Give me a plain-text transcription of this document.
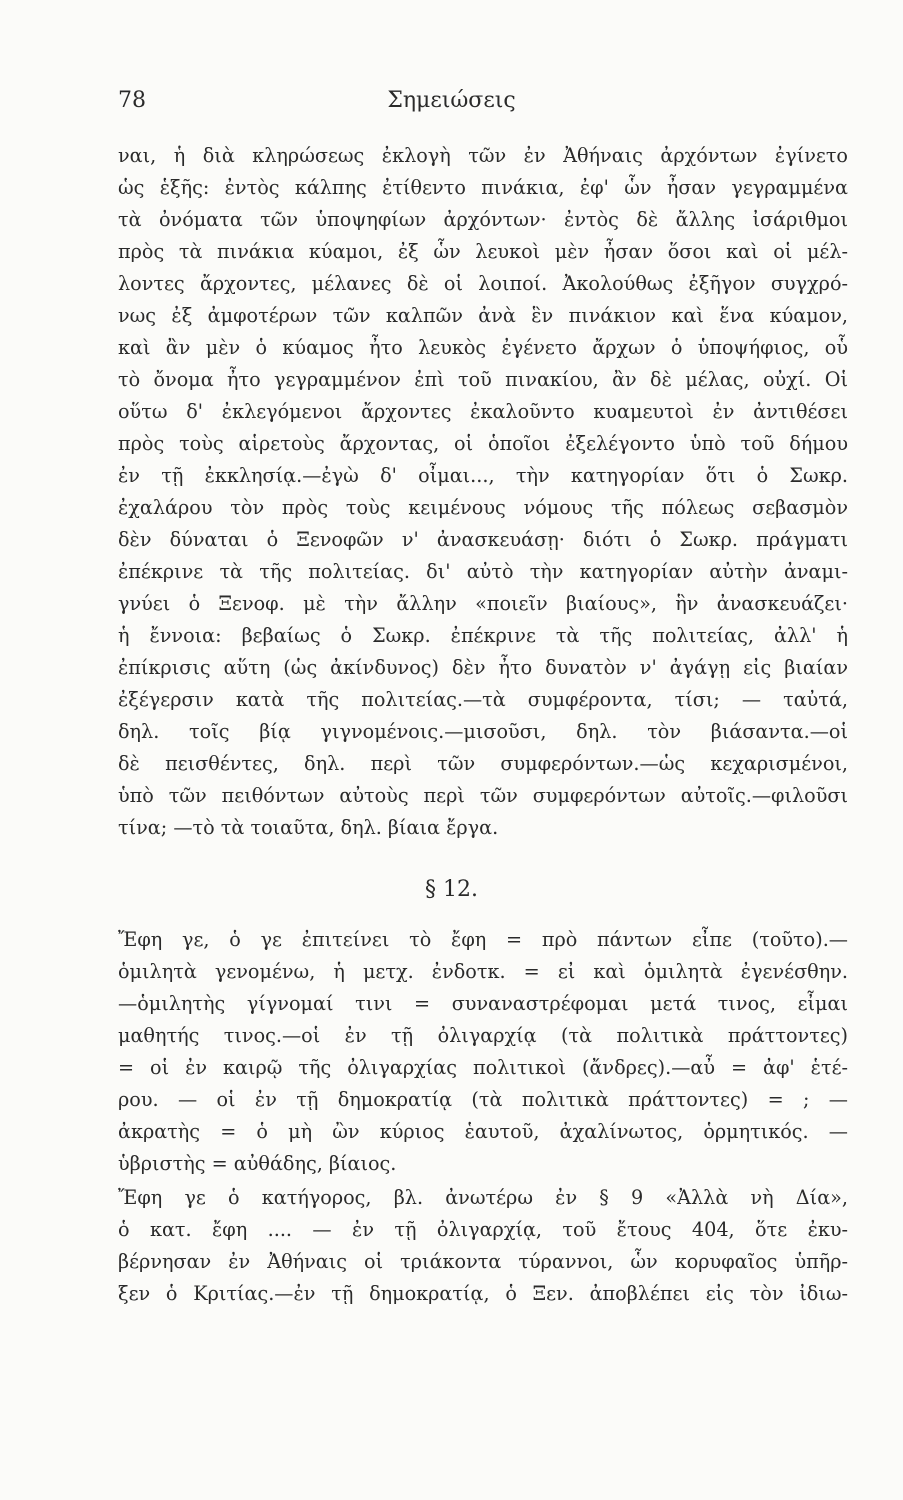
78	Σημειώσεις
ναι, ἡ διὰ κληρώσεως ἐκλογὴ τῶν ἐν Ἀθήναις ἀρχόντων ἐγίνετο
ὡς ἑξῆς: ἐντὸς κάλπης ἐτίθεντο πινάκια, ἐφ' ὧν ἦσαν γεγραμμένα
τὰ ὀνόματα τῶν ὑποψηφίων ἀρχόντων· ἐντὸς δὲ ἄλλης ἰσάριθμοι
πρὸς τὰ πινάκια κύαμοι, ἐξ ὧν λευκοὶ μὲν ἦσαν ὅσοι καὶ οἱ μέλ-
λοντες ἄρχοντες, μέλανες δὲ οἱ λοιποί. Ἀκολούθως ἐξῆγον συγχρό-
νως ἐξ ἀμφοτέρων τῶν καλπῶν ἀνὰ ἓν πινάκιον καὶ ἕνα κύαμον,
καὶ ἂν μὲν ὁ κύαμος ἦτο λευκὸς ἐγένετο ἄρχων ὁ ὑποψήφιος, οὗ
τὸ ὄνομα ἦτο γεγραμμένον ἐπὶ τοῦ πινακίου, ἂν δὲ μέλας, οὐχί. Οἱ
οὕτω δ' ἐκλεγόμενοι ἄρχοντες ἐκαλοῦντο κυαμευτοὶ ἐν ἀντιθέσει
πρὸς τοὺς αἱρετοὺς ἄρχοντας, οἱ ὁποῖοι ἐξελέγοντο ὑπὸ τοῦ δήμου
ἐν τῇ ἐκκλησίᾳ.—ἐγὼ δ' οἶμαι..., τὴν κατηγορίαν ὅτι ὁ Σωκρ.
ἐχαλάρου τὸν πρὸς τοὺς κειμένους νόμους τῆς πόλεως σεβασμὸν
δὲν δύναται ὁ Ξενοφῶν ν' ἀνασκευάσῃ· διότι ὁ Σωκρ. πράγματι
ἐπέκρινε τὰ τῆς πολιτείας. δι' αὐτὸ τὴν κατηγορίαν αὐτὴν ἀναμι-
γνύει ὁ Ξενοφ. μὲ τὴν ἄλλην «ποιεῖν βιαίους», ἣν ἀνασκευάζει·
ἡ ἔννοια: βεβαίως ὁ Σωκρ. ἐπέκρινε τὰ τῆς πολιτείας, ἀλλ' ἡ
ἐπίκρισις αὕτη (ὡς ἀκίνδυνος) δὲν ἦτο δυνατὸν ν' ἀγάγῃ εἰς βιαίαν
ἐξέγερσιν κατὰ τῆς πολιτείας.—τὰ συμφέροντα, τίσι; — ταὐτά,
δηλ. τοῖς βίᾳ γιγνομένοις.—μισοῦσι, δηλ. τὸν βιάσαντα.—οἱ
δὲ πεισθέντες, δηλ. περὶ τῶν συμφερόντων.—ὡς κεχαρισμένοι,
ὑπὸ τῶν πειθόντων αὐτοὺς περὶ τῶν συμφερόντων αὐτοῖς.—φιλοῦσι
τίνα; —τὸ τὰ τοιαῦτα, δηλ. βίαια ἔργα.
§ 12.
Ἔφη γε, ὁ γε ἐπιτείνει τὸ ἔφη = πρὸ πάντων εἶπε (τοῦτο).—
ὁμιλητὰ γενομένω, ἡ μετχ. ἐνδοτκ. = εἰ καὶ ὁμιλητὰ ἐγενέσθην.
—ὁμιλητὴς γίγνομαί τινι = συναναστρέφομαι μετά τινος, εἶμαι
μαθητής τινος.—οἱ ἐν τῇ ὀλιγαρχίᾳ (τὰ πολιτικὰ πράττοντες)
= οἱ ἐν καιρῷ τῆς ὀλιγαρχίας πολιτικοὶ (ἄνδρες).—αὖ = ἀφ' ἑτέ-
ρου. — οἱ ἐν τῇ δημοκρατίᾳ (τὰ πολιτικὰ πράττοντες) = ; —
ἀκρατὴς = ὁ μὴ ὢν κύριος ἑαυτοῦ, ἀχαλίνωτος, ὁρμητικός. —
ὑβριστὴς = αὐθάδης, βίαιος.
Ἔφη γε ὁ κατήγορος, βλ. ἀνωτέρω ἐν § 9 «Ἀλλὰ νὴ Δία»,
ὁ κατ. ἔφη .... — ἐν τῇ ὀλιγαρχίᾳ, τοῦ ἔτους 404, ὅτε ἐκυ-
βέρνησαν ἐν Ἀθήναις οἱ τριάκοντα τύραννοι, ὧν κορυφαῖος ὑπῆρ-
ξεν ὁ Κριτίας.—ἐν τῇ δημοκρατίᾳ, ὁ Ξεν. ἀποβλέπει εἰς τὸν ἰδιω-
